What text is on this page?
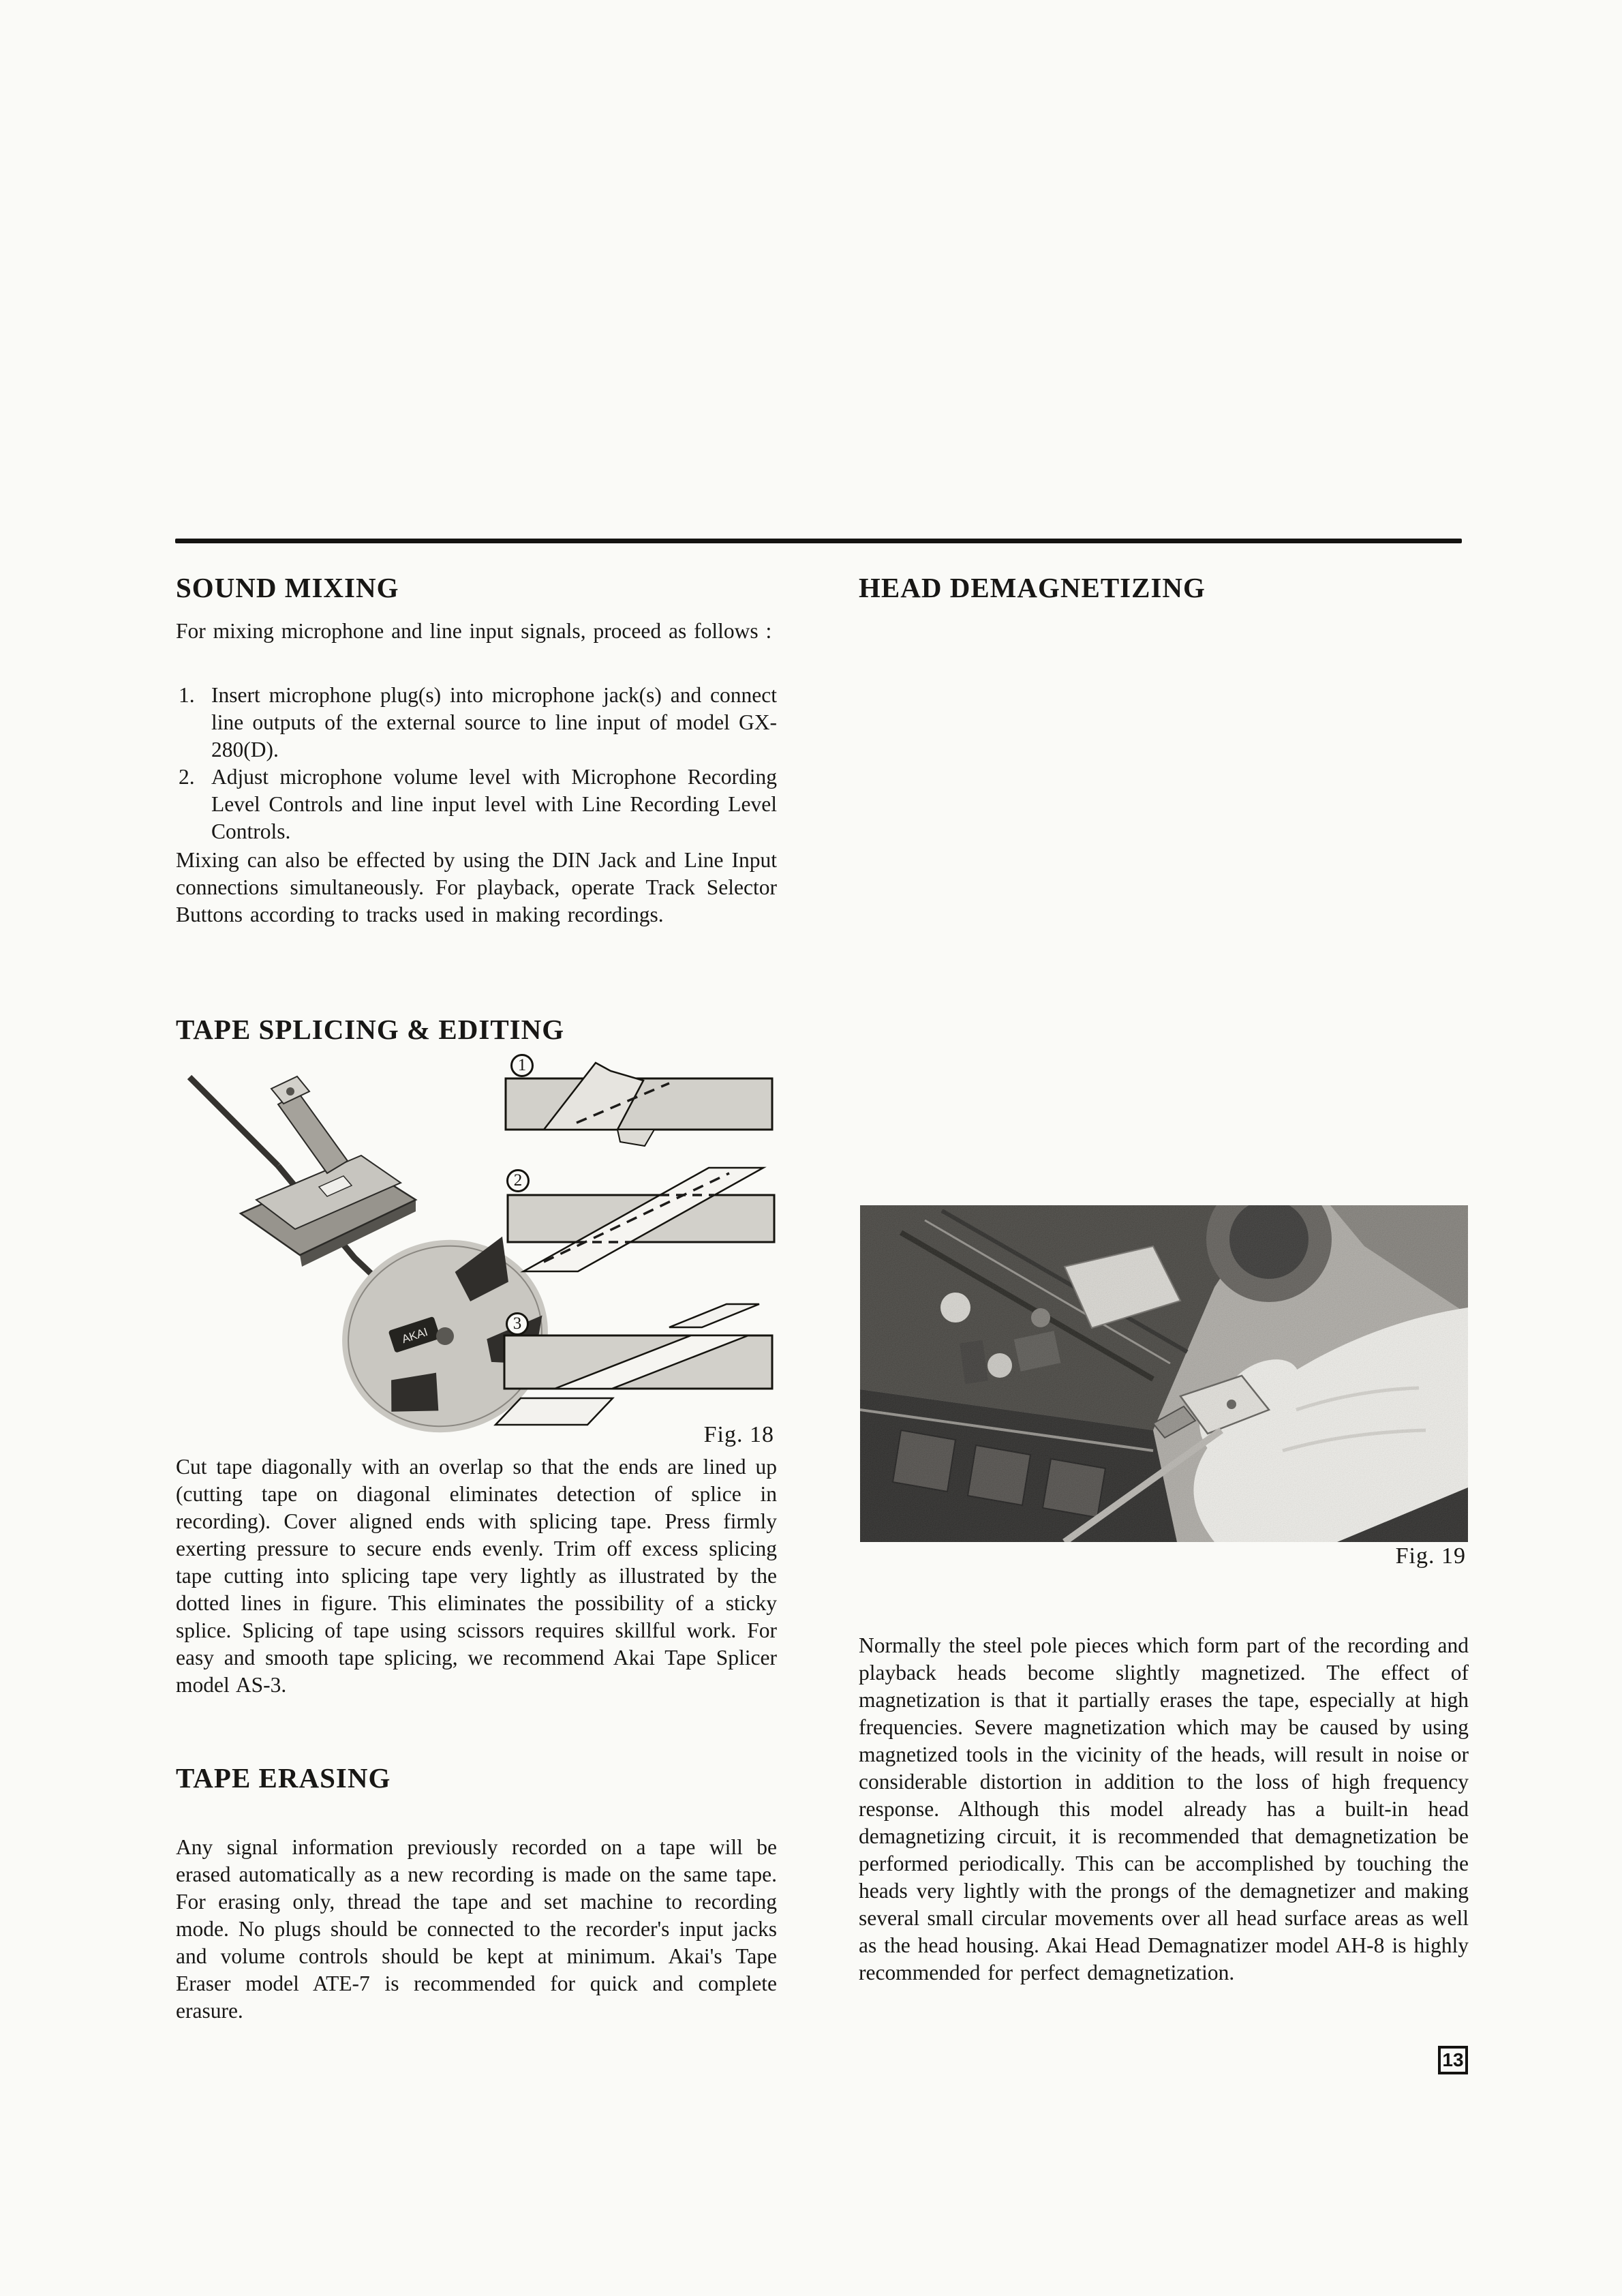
SOUND MIXING
For mixing microphone and line input signals, proceed as follows :
1. Insert microphone plug(s) into microphone jack(s) and connect line outputs of the external source to line input of model GX-280(D).
2. Adjust microphone volume level with Microphone Recording Level Controls and line input level with Line Recording Level Controls.
Mixing can also be effected by using the DIN Jack and Line Input connections simultaneously. For playback, operate Track Selector Buttons according to tracks used in making recordings.
TAPE SPLICING & EDITING
AKAI
1
2
3
Fig. 18
Cut tape diagonally with an overlap so that the ends are lined up (cutting tape on diagonal eliminates detection of splice in recording). Cover aligned ends with splicing tape. Press firmly exerting pressure to secure ends evenly. Trim off excess splicing tape cutting into splicing tape very lightly as illustrated by the dotted lines in figure. This eliminates the possibility of a sticky splice. Splicing of tape using scissors requires skillful work. For easy and smooth tape splicing, we recommend Akai Tape Splicer model AS-3.
TAPE ERASING
Any signal information previously recorded on a tape will be erased automatically as a new recording is made on the same tape. For erasing only, thread the tape and set machine to recording mode. No plugs should be connected to the recorder's input jacks and volume controls should be kept at minimum. Akai's Tape Eraser model ATE-7 is recommended for quick and complete erasure.
HEAD DEMAGNETIZING
Fig. 19
Normally the steel pole pieces which form part of the recording and playback heads become slightly magnetized. The effect of magnetization is that it partially erases the tape, especially at high frequencies. Severe magnetization which may be caused by using magnetized tools in the vicinity of the heads, will result in noise or considerable distortion in addition to the loss of high frequency response. Although this model already has a built-in head demagnetizing circuit, it is recommended that demagnetization be performed periodically. This can be accomplished by touching the heads very lightly with the prongs of the demagnetizer and making several small circular movements over all head surface areas as well as the head housing. Akai Head Demagnatizer model AH-8 is highly recommended for perfect demagnetization.
13
